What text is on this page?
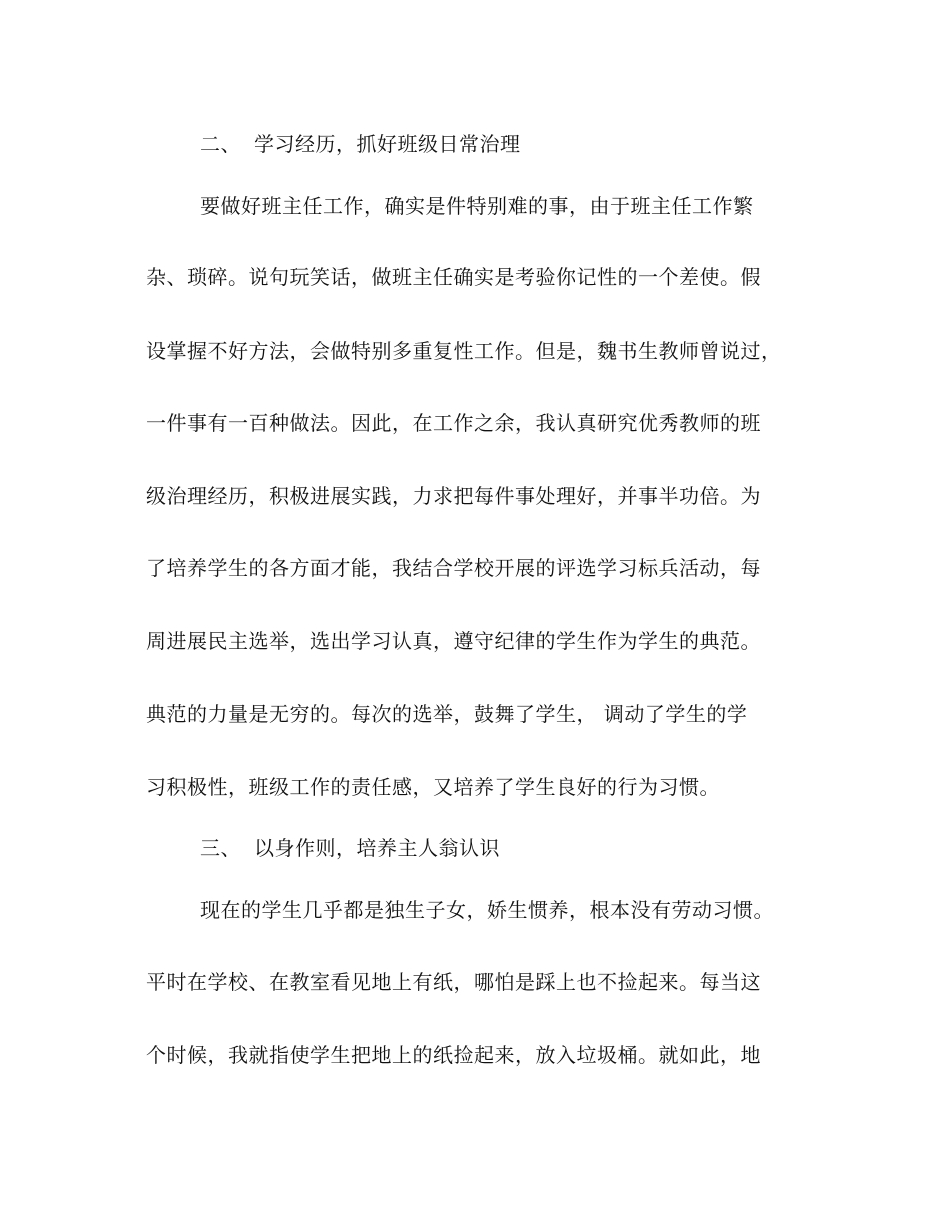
二、 学习经历，抓好班级日常治理
要做好班主任工作，确实是件特别难的事，由于班主任工作繁
杂、琐碎。说句玩笑话，做班主任确实是考验你记性的一个差使。假
设掌握不好方法，会做特别多重复性工作。但是，魏书生教师曾说过，
一件事有一百种做法。因此，在工作之余，我认真研究优秀教师的班
级治理经历，积极进展实践，力求把每件事处理好，并事半功倍。为
了培养学生的各方面才能，我结合学校开展的评选学习标兵活动，每
周进展民主选举，选出学习认真，遵守纪律的学生作为学生的典范。
典范的力量是无穷的。每次的选举，鼓舞了学生， 调动了学生的学
习积极性，班级工作的责任感，又培养了学生良好的行为习惯。
三、 以身作则，培养主人翁认识
现在的学生几乎都是独生子女，娇生惯养，根本没有劳动习惯。
平时在学校、在教室看见地上有纸，哪怕是踩上也不捡起来。每当这
个时候，我就指使学生把地上的纸捡起来，放入垃圾桶。就如此，地
